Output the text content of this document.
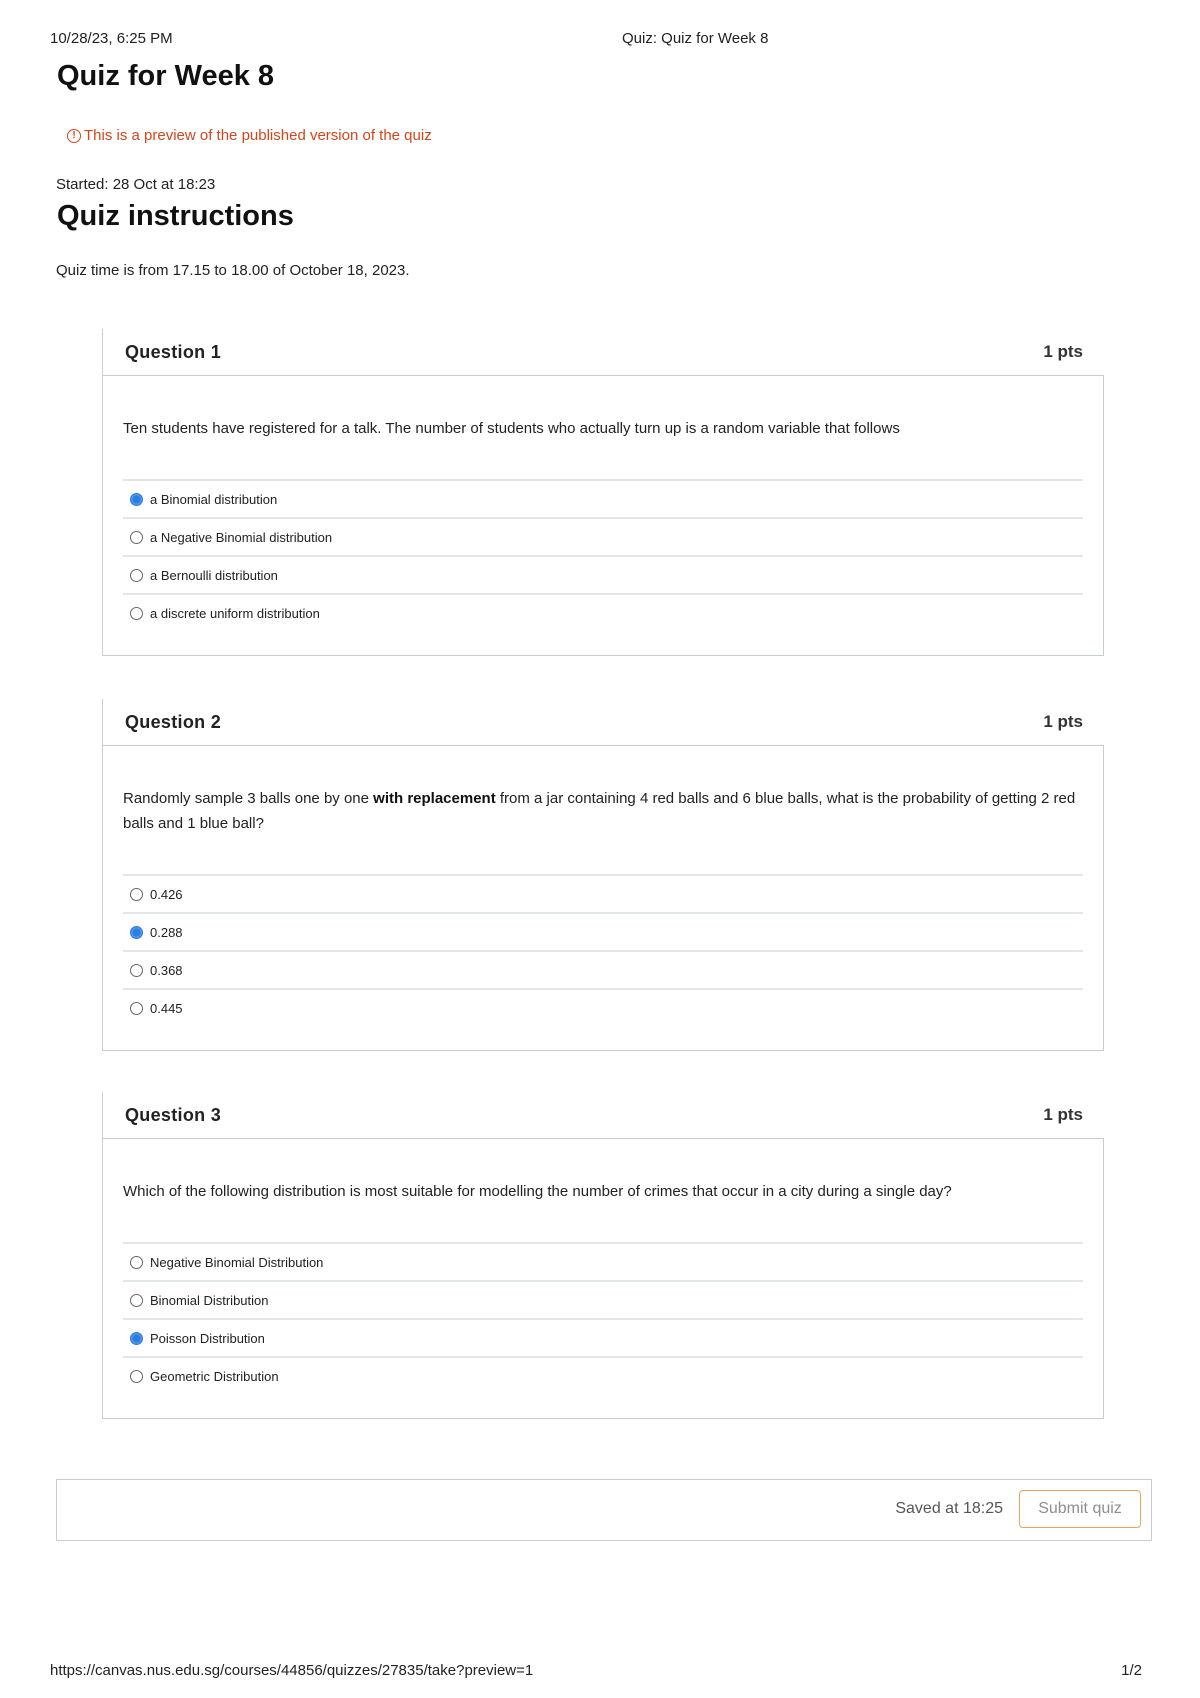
10/28/23, 6:25 PM	Quiz: Quiz for Week 8
Quiz for Week 8
! This is a preview of the published version of the quiz
Started: 28 Oct at 18:23
Quiz instructions
Quiz time is from 17.15 to 18.00 of October 18, 2023.
Question 1	1 pts

Ten students have registered for a talk. The number of students who actually turn up is a random variable that follows

a Binomial distribution
a Negative Binomial distribution
a Bernoulli distribution
a discrete uniform distribution
Question 2	1 pts

Randomly sample 3 balls one by one with replacement from a jar containing 4 red balls and 6 blue balls, what is the probability of getting 2 red balls and 1 blue ball?

0.426
0.288
0.368
0.445
Question 3	1 pts

Which of the following distribution is most suitable for modelling the number of crimes that occur in a city during a single day?

Negative Binomial Distribution
Binomial Distribution
Poisson Distribution
Geometric Distribution
Saved at 18:25	Submit quiz
https://canvas.nus.edu.sg/courses/44856/quizzes/27835/take?preview=1	1/2
